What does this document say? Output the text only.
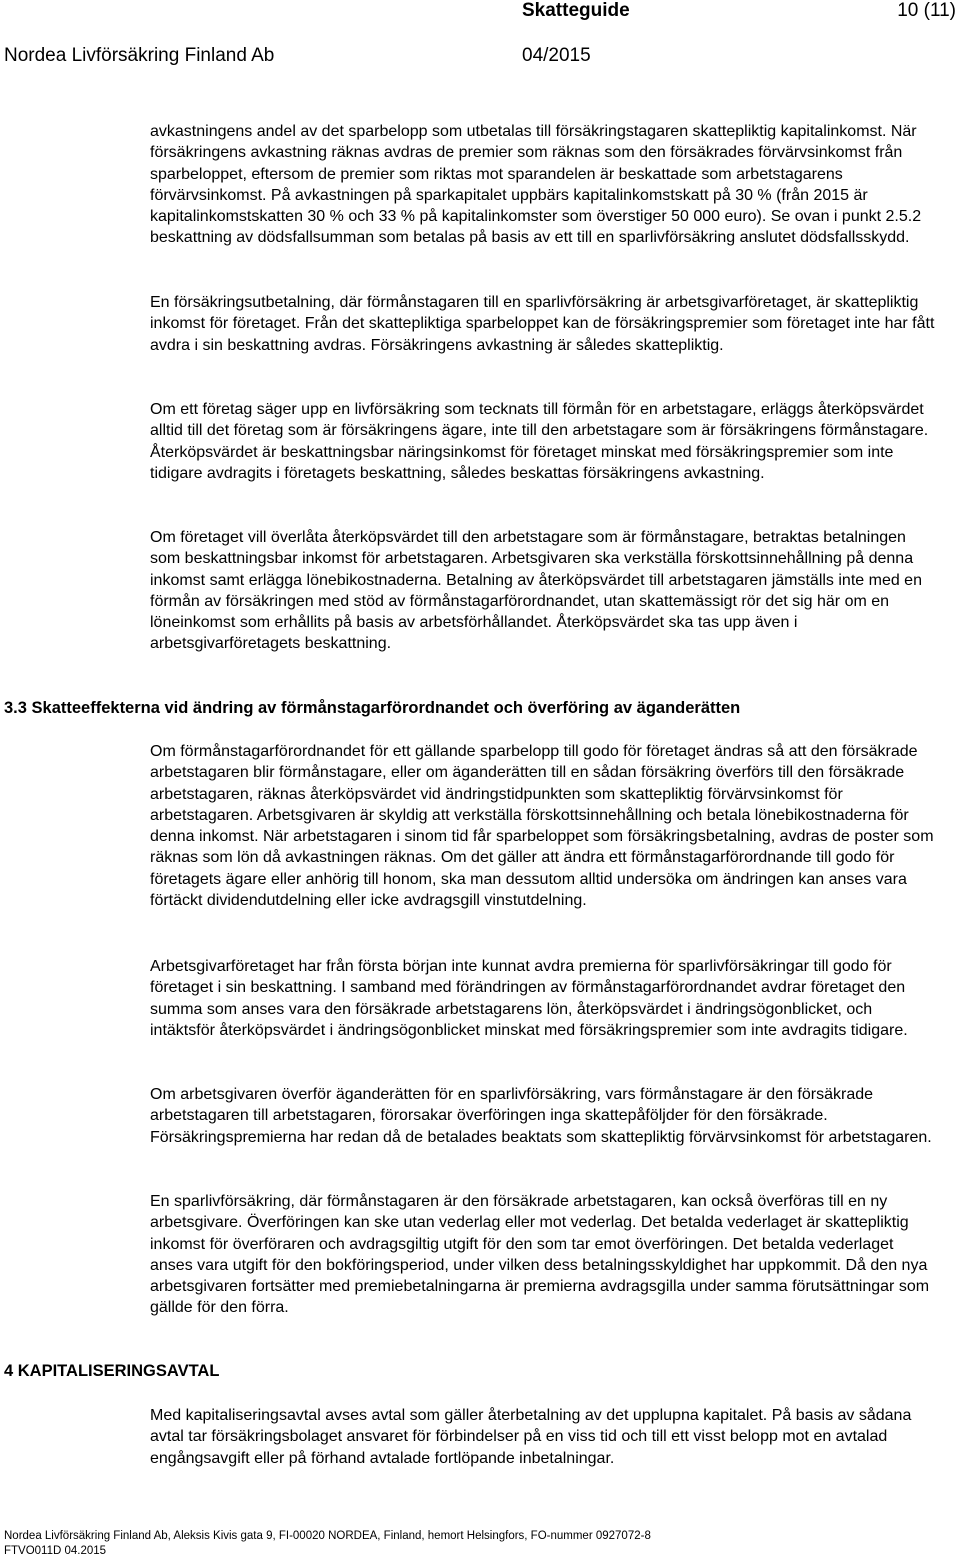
Skatteguide	10 (11)
Nordea Livförsäkring Finland Ab	04/2015

avkastningens andel av det sparbelopp som utbetalas till försäkringstagaren skattepliktig kapitalinkomst. När försäkringens avkastning räknas avdras de premier som räknas som den försäkrades förvärvsinkomst från sparbeloppet, eftersom de premier som riktas mot sparandelen är beskattade som arbetstagarens förvärvsinkomst. På avkastningen på sparkapitalet uppbärs kapitalinkomstskatt på 30 % (från 2015 är kapitalinkomstskatten 30 % och 33 % på kapitalinkomster som överstiger 50 000 euro). Se ovan i punkt 2.5.2 beskattning av dödsfallsumman som betalas på basis av ett till en sparlivförsäkring anslutet dödsfallsskydd.

En försäkringsutbetalning, där förmånstagaren till en sparlivförsäkring är arbetsgivarföretaget, är skattepliktig inkomst för företaget. Från det skattepliktiga sparbeloppet kan de försäkringspremier som företaget inte har fått avdra i sin beskattning avdras. Försäkringens avkastning är således skattepliktig.

Om ett företag säger upp en livförsäkring som tecknats till förmån för en arbetstagare, erläggs återköpsvärdet alltid till det företag som är försäkringens ägare, inte till den arbetstagare som är försäkringens förmånstagare. Återköpsvärdet är beskattningsbar näringsinkomst för företaget minskat med försäkringspremier som inte tidigare avdragits i företagets beskattning, således beskattas försäkringens avkastning.

Om företaget vill överlåta återköpsvärdet till den arbetstagare som är förmånstagare, betraktas betalningen som beskattningsbar inkomst för arbetstagaren. Arbetsgivaren ska verkställa förskottsinnehållning på denna inkomst samt erlägga lönebikostnaderna. Betalning av återköpsvärdet till arbetstagaren jämställs inte med en förmån av försäkringen med stöd av förmånstagarförordnandet, utan skattemässigt rör det sig här om en löneinkomst som erhållits på basis av arbetsförhållandet. Återköpsvärdet ska tas upp även i arbetsgivarföretagets beskattning.

3.3 Skatteeffekterna vid ändring av förmånstagarförordnandet och överföring av äganderätten

Om förmånstagarförordnandet för ett gällande sparbelopp till godo för företaget ändras så att den försäkrade arbetstagaren blir förmånstagare, eller om äganderätten till en sådan försäkring överförs till den försäkrade arbetstagaren, räknas återköpsvärdet vid ändringstidpunkten som skattepliktig förvärvsinkomst för arbetstagaren. Arbetsgivaren är skyldig att verkställa förskottsinnehållning och betala lönebikostnaderna för denna inkomst. När arbetstagaren i sinom tid får sparbeloppet som försäkringsbetalning, avdras de poster som räknas som lön då avkastningen räknas. Om det gäller att ändra ett förmånstagarförordnande till godo för företagets ägare eller anhörig till honom, ska man dessutom alltid undersöka om ändringen kan anses vara förtäckt dividendutdelning eller icke avdragsgill vinstutdelning.

Arbetsgivarföretaget har från första början inte kunnat avdra premierna för sparlivförsäkringar till godo för företaget i sin beskattning. I samband med förändringen av förmånstagarförordnandet avdrar företaget den summa som anses vara den försäkrade arbetstagarens lön, återköpsvärdet i ändringsögonblicket, och intäktsför återköpsvärdet i ändringsögonblicket minskat med försäkringspremier som inte avdragits tidigare.

Om arbetsgivaren överför äganderätten för en sparlivförsäkring, vars förmånstagare är den försäkrade arbetstagaren till arbetstagaren, förorsakar överföringen inga skattepåföljder för den försäkrade. Försäkringspremierna har redan då de betalades beaktats som skattepliktig förvärvsinkomst för arbetstagaren.

En sparlivförsäkring, där förmånstagaren är den försäkrade arbetstagaren, kan också överföras till en ny arbetsgivare. Överföringen kan ske utan vederlag eller mot vederlag. Det betalda vederlaget är skattepliktig inkomst för överföraren och avdragsgiltig utgift för den som tar emot överföringen. Det betalda vederlaget anses vara utgift för den bokföringsperiod, under vilken dess betalningsskyldighet har uppkommit. Då den nya arbetsgivaren fortsätter med premiebetalningarna är premierna avdragsgilla under samma förutsättningar som gällde för den förra.

4 KAPITALISERINGSAVTAL

Med kapitaliseringsavtal avses avtal som gäller återbetalning av det upplupna kapitalet. På basis av sådana avtal tar försäkringsbolaget ansvaret för förbindelser på en viss tid och till ett visst belopp mot en avtalad engångsavgift eller på förhand avtalade fortlöpande inbetalningar.

Nordea Livförsäkring Finland Ab, Aleksis Kivis gata 9, FI-00020 NORDEA, Finland, hemort Helsingfors, FO-nummer 0927072-8
FTVO011D 04.2015
